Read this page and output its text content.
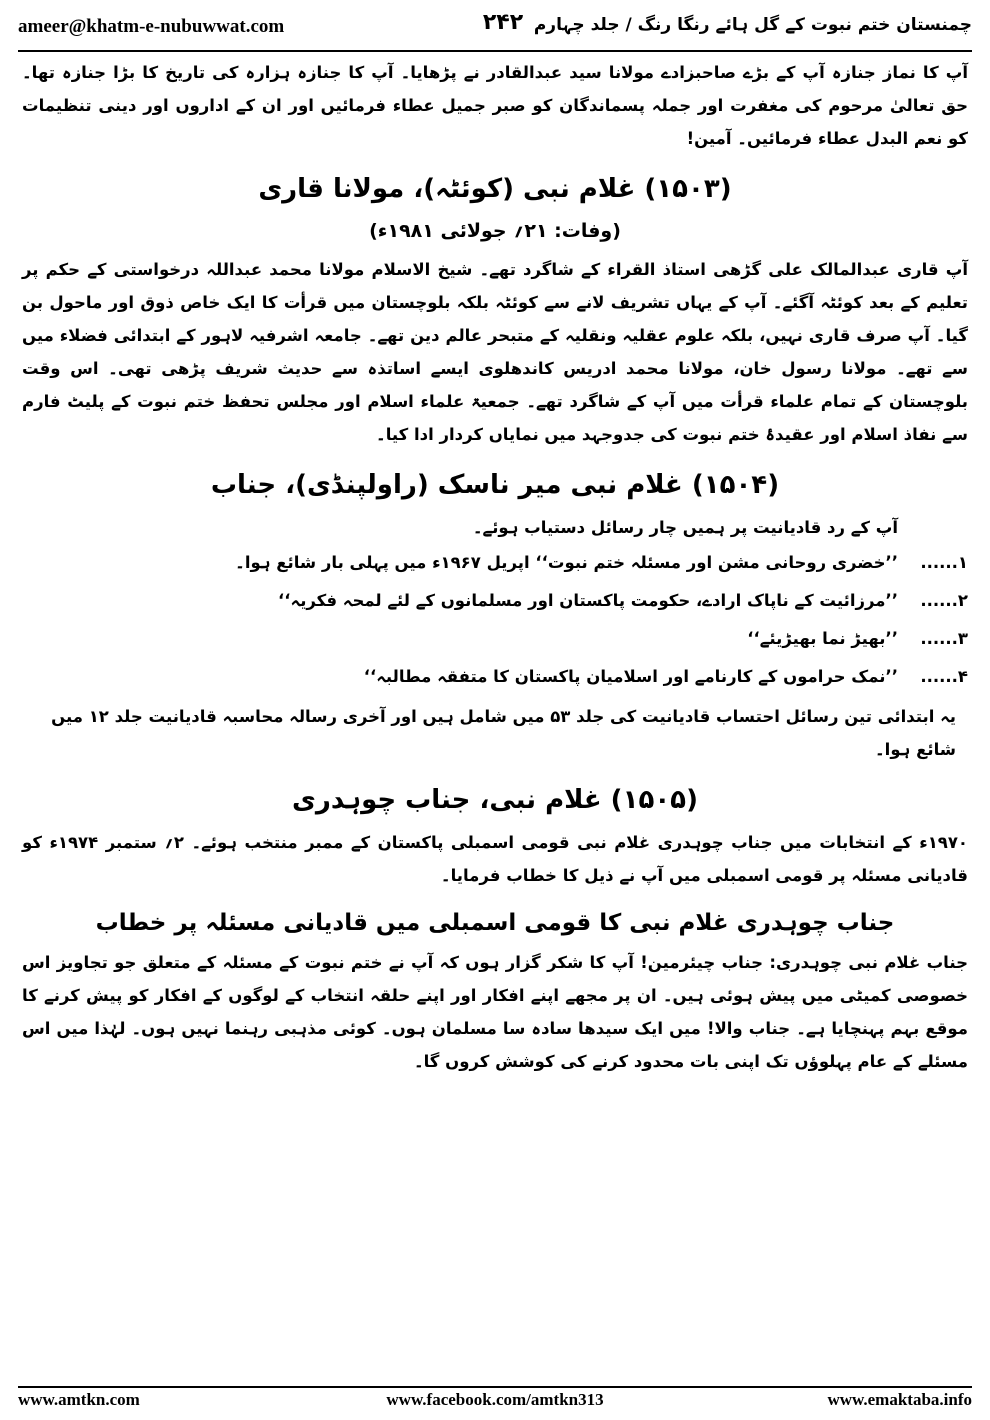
ameer@khatm-e-nubuwwat.com	۲۴۲ چمنستان ختم نبوت کے گل ہائے رنگا رنگ / جلد چہارم

آپ کا نماز جنازہ آپ کے بڑے صاحبزادے مولانا سید عبدالقادر نے پڑھایا۔ آپ کا جنازہ ہزارہ کی تاریخ کا بڑا جنازہ تھا۔ حق تعالیٰ مرحوم کی مغفرت اور جملہ پسماندگان کو صبر جمیل عطاء فرمائیں اور ان کے اداروں اور دینی تنظیمات کو نعم البدل عطاء فرمائیں۔ آمین!

(۱۵۰۳) غلام نبی (کوئٹہ)، مولانا قاری
(وفات: ۲۱؍ جولائی ۱۹۸۱ء)

آپ قاری عبدالمالک علی گڑھی استاذ القراء کے شاگرد تھے۔ شیخ الاسلام مولانا محمد عبداللہ درخواستی کے حکم پر تعلیم کے بعد کوئٹہ آگئے۔ آپ کے یہاں تشریف لانے سے کوئٹہ بلکہ بلوچستان میں قرأت کا ایک خاص ذوق اور ماحول بن گیا۔ آپ صرف قاری نہیں، بلکہ علوم عقلیہ ونقلیہ کے متبحر عالم دین تھے۔ جامعہ اشرفیہ لاہور کے ابتدائی فضلاء میں سے تھے۔ مولانا رسول خان، مولانا محمد ادریس کاندھلوی ایسے اساتذہ سے حدیث شریف پڑھی تھی۔ اس وقت بلوچستان کے تمام علماء قرأت میں آپ کے شاگرد تھے۔ جمعیۃ علماء اسلام اور مجلس تحفظ ختم نبوت کے پلیٹ فارم سے نفاذ اسلام اور عقیدۂ ختم نبوت کی جدوجہد میں نمایاں کردار ادا کیا۔

(۱۵۰۴) غلام نبی میر ناسک (راولپنڈی)، جناب

آپ کے رد قادیانیت پر ہمیں چار رسائل دستیاب ہوئے۔

۱......
’’خضری روحانی مشن اور مسئلہ ختم نبوت‘‘ اپریل ۱۹۶۷ء میں پہلی بار شائع ہوا۔
۲......
’’مرزائیت کے ناپاک ارادے، حکومت پاکستان اور مسلمانوں کے لئے لمحہ فکریہ‘‘
۳......
’’بھیڑ نما بھیڑیئے‘‘
۴......
’’نمک حراموں کے کارنامے اور اسلامیان پاکستان کا متفقہ مطالبہ‘‘

یہ ابتدائی تین رسائل احتساب قادیانیت کی جلد ۵۳ میں شامل ہیں اور آخری رسالہ محاسبہ قادیانیت جلد ۱۲ میں شائع ہوا۔

(۱۵۰۵) غلام نبی، جناب چوہدری

۱۹۷۰ء کے انتخابات میں جناب چوہدری غلام نبی قومی اسمبلی پاکستان کے ممبر منتخب ہوئے۔ ۲؍ ستمبر ۱۹۷۴ء کو قادیانی مسئلہ پر قومی اسمبلی میں آپ نے ذیل کا خطاب فرمایا۔

جناب چوہدری غلام نبی کا قومی اسمبلی میں قادیانی مسئلہ پر خطاب

جناب غلام نبی چوہدری: جناب چیئرمین! آپ کا شکر گزار ہوں کہ آپ نے ختم نبوت کے مسئلہ کے متعلق جو تجاویز اس خصوصی کمیٹی میں پیش ہوئی ہیں۔ ان پر مجھے اپنے افکار اور اپنے حلقہ انتخاب کے لوگوں کے افکار کو پیش کرنے کا موقع بہم پہنچایا ہے۔ جناب والا! میں ایک سیدھا سادہ سا مسلمان ہوں۔ کوئی مذہبی رہنما نہیں ہوں۔ لہٰذا میں اس مسئلے کے عام پہلوؤں تک اپنی بات محدود کرنے کی کوشش کروں گا۔

www.amtkn.com	www.facebook.com/amtkn313	www.emaktaba.info
